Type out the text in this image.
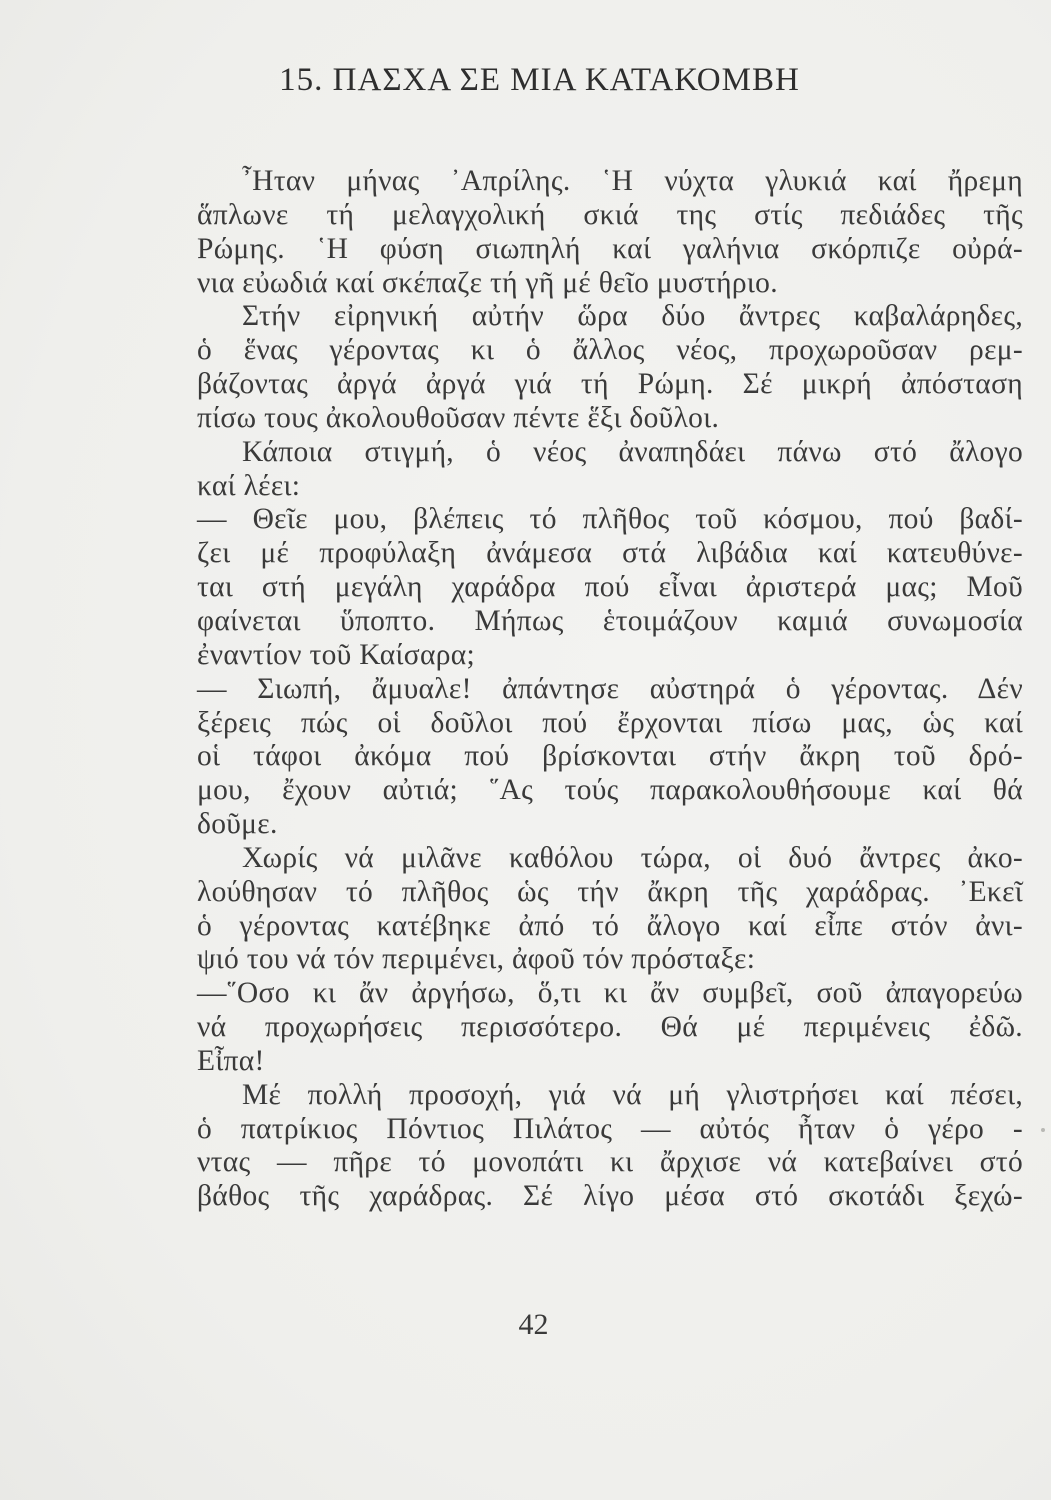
15. ΠΑΣΧΑ ΣΕ ΜΙΑ ΚΑΤΑΚΟΜΒΗ
῏Ηταν μήνας ᾿Απρίλης. ῾Η νύχτα γλυκιά καί ἤρεμη
ἅπλωνε τή μελαγχολική σκιά της στίς πεδιάδες τῆς
Ρώμης. ῾Η φύση σιωπηλή καί γαλήνια σκόρπιζε οὐρά-
νια εὐωδιά καί σκέπαζε τή γῆ μέ θεῖο μυστήριο.
Στήν εἰρηνική αὐτήν ὥρα δύο ἄντρες καβαλάρηδες,
ὁ ἕνας γέροντας κι ὁ ἄλλος νέος, προχωροῦσαν ρεμ-
βάζοντας ἀργά ἀργά γιά τή Ρώμη. Σέ μικρή ἀπόσταση
πίσω τους ἀκολουθοῦσαν πέντε ἕξι δοῦλοι.
Κάποια στιγμή, ὁ νέος ἀναπηδάει πάνω στό ἄλογο
καί λέει:
— Θεῖε μου, βλέπεις τό πλῆθος τοῦ κόσμου, πού βαδί-
ζει μέ προφύλαξη ἀνάμεσα στά λιβάδια καί κατευθύνε-
ται στή μεγάλη χαράδρα πού εἶναι ἀριστερά μας; Μοῦ
φαίνεται ὕποπτο. Μήπως ἑτοιμάζουν καμιά συνωμοσία
ἐναντίον τοῦ Καίσαρα;
— Σιωπή, ἄμυαλε! ἀπάντησε αὐστηρά ὁ γέροντας. Δέν
ξέρεις πώς οἱ δοῦλοι πού ἔρχονται πίσω μας, ὡς καί
οἱ τάφοι ἀκόμα πού βρίσκονται στήν ἄκρη τοῦ δρό-
μου, ἔχουν αὐτιά; ῞Ας τούς παρακολουθήσουμε καί θά
δοῦμε.
Χωρίς νά μιλᾶνε καθόλου τώρα, οἱ δυό ἄντρες ἀκο-
λούθησαν τό πλῆθος ὡς τήν ἄκρη τῆς χαράδρας. ᾿Εκεῖ
ὁ γέροντας κατέβηκε ἀπό τό ἄλογο καί εἶπε στόν ἀνι-
ψιό του νά τόν περιμένει, ἀφοῦ τόν πρόσταξε:
—῞Οσο κι ἄν ἀργήσω, ὅ,τι κι ἄν συμβεῖ, σοῦ ἀπαγορεύω
νά προχωρήσεις περισσότερο. Θά μέ περιμένεις ἐδῶ.
Εἶπα!
Μέ πολλή προσοχή, γιά νά μή γλιστρήσει καί πέσει,
ὁ πατρίκιος Πόντιος Πιλάτος — αὐτός ἦταν ὁ γέρο -
ντας — πῆρε τό μονοπάτι κι ἄρχισε νά κατεβαίνει στό
βάθος τῆς χαράδρας. Σέ λίγο μέσα στό σκοτάδι ξεχώ-
42
